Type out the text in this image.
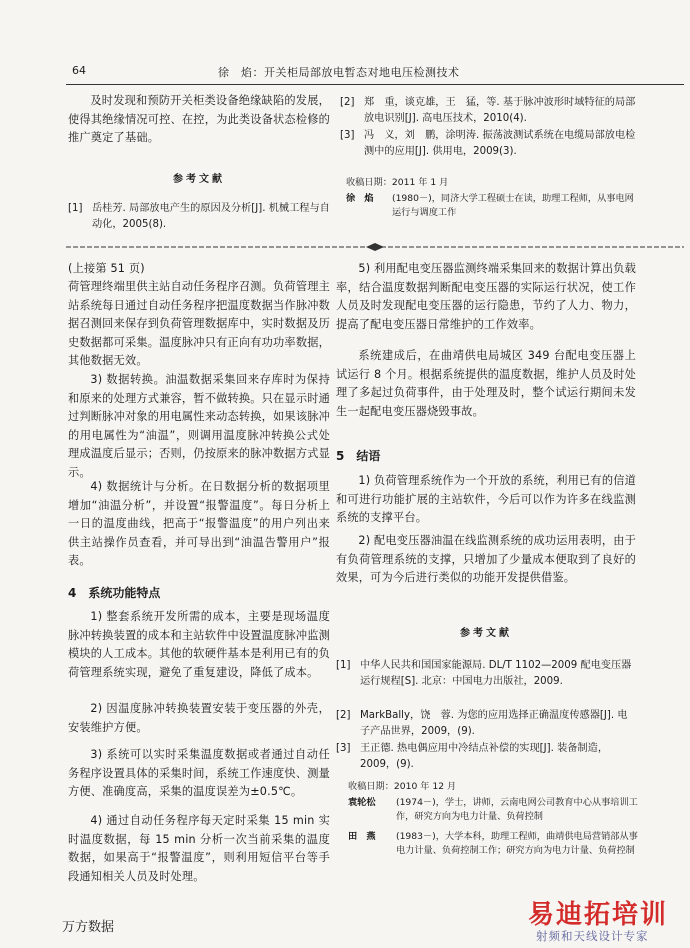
64	徐　焰：开关柜局部放电暂态对地电压检测技术
及时发现和预防开关柜类设备绝缘缺陷的发展，使得其绝缘情况可控、在控，为此类设备状态检修的推广奠定了基础。
参考文献
[1] 岳桂芳. 局部放电产生的原因及分析[J]. 机械工程与自动化，2005(8).
[2] 郑　重，谈克雄，王　猛，等. 基于脉冲波形时域特征的局部放电识别[J]. 高电压技术，2010(4).
[3] 冯　义，刘　鹏，涂明涛. 振荡波测试系统在电缆局部放电检测中的应用[J]. 供用电，2009(3).
收稿日期：2011 年 1 月
徐　焰	(1980－)，同济大学工程硕士在读，助理工程师，从事电网运行与调度工作
(上接第 51 页)
荷管理终端里供主站自动任务程序召测。负荷管理主站系统每日通过自动任务程序把温度数据当作脉冲数据召测回来保存到负荷管理数据库中，实时数据及历史数据都可采集。温度脉冲只有正向有功功率数据，其他数据无效。
3) 数据转换。油温数据采集回来存库时为保持和原来的处理方式兼容，暂不做转换。只在显示时通过判断脉冲对象的用电属性来动态转换，如果该脉冲的用电属性为“油温”，则调用温度脉冲转换公式处理成温度后显示；否则，仍按原来的脉冲数据方式显示。
4) 数据统计与分析。在日数据分析的数据项里增加“油温分析”，并设置“报警温度”。每日分析上一日的温度曲线，把高于“报警温度”的用户列出来供主站操作员查看，并可导出到“油温告警用户”报表。
4　系统功能特点
1) 整套系统开发所需的成本，主要是现场温度脉冲转换装置的成本和主站软件中设置温度脉冲监测模块的人工成本。其他的软硬件基本是利用已有的负荷管理系统实现，避免了重复建设，降低了成本。
2) 因温度脉冲转换装置安装于变压器的外壳，安装维护方便。
3) 系统可以实时采集温度数据或者通过自动任务程序设置具体的采集时间，系统工作速度快、测量方便、准确度高，采集的温度误差为±0.5℃。
4) 通过自动任务程序每天定时采集 15 min 实时温度数据，每 15 min 分析一次当前采集的温度数据，如果高于“报警温度”，则利用短信平台等手段通知相关人员及时处理。
5) 利用配电变压器监测终端采集回来的数据计算出负载率，结合温度数据判断配电变压器的实际运行状况，使工作人员及时发现配电变压器的运行隐患，节约了人力、物力，提高了配电变压器日常维护的工作效率。
系统建成后，在曲靖供电局城区 349 台配电变压器上试运行 8 个月。根据系统提供的温度数据，维护人员及时处理了多起过负荷事件，由于处理及时，整个试运行期间未发生一起配电变压器烧毁事故。
5　结语
1) 负荷管理系统作为一个开放的系统，利用已有的信道和可进行功能扩展的主站软件，今后可以作为许多在线监测系统的支撑平台。
2) 配电变压器油温在线监测系统的成功运用表明，由于有负荷管理系统的支撑，只增加了少量成本便取到了良好的效果，可为今后进行类似的功能开发提供借鉴。
参考文献
[1] 中华人民共和国国家能源局. DL/T 1102—2009 配电变压器运行规程[S]. 北京：中国电力出版社，2009.
[2] MarkBally，饶　蓉. 为您的应用选择正确温度传感器[J]. 电子产品世界，2009，(9).
[3] 王正德. 热电偶应用中冷结点补偿的实现[J]. 装备制造，2009，(9).
收稿日期：2010 年 12 月
袁轮松	(1974－)，学士，讲师，云南电网公司教育中心从事培训工作，研究方向为电力计量、负荷控制
田　燕	(1983－)，大学本科，助理工程师，曲靖供电局营销部从事电力计量、负荷控制工作；研究方向为电力计量、负荷控制
万方数据	易迪拓培训
射频和天线设计专家
